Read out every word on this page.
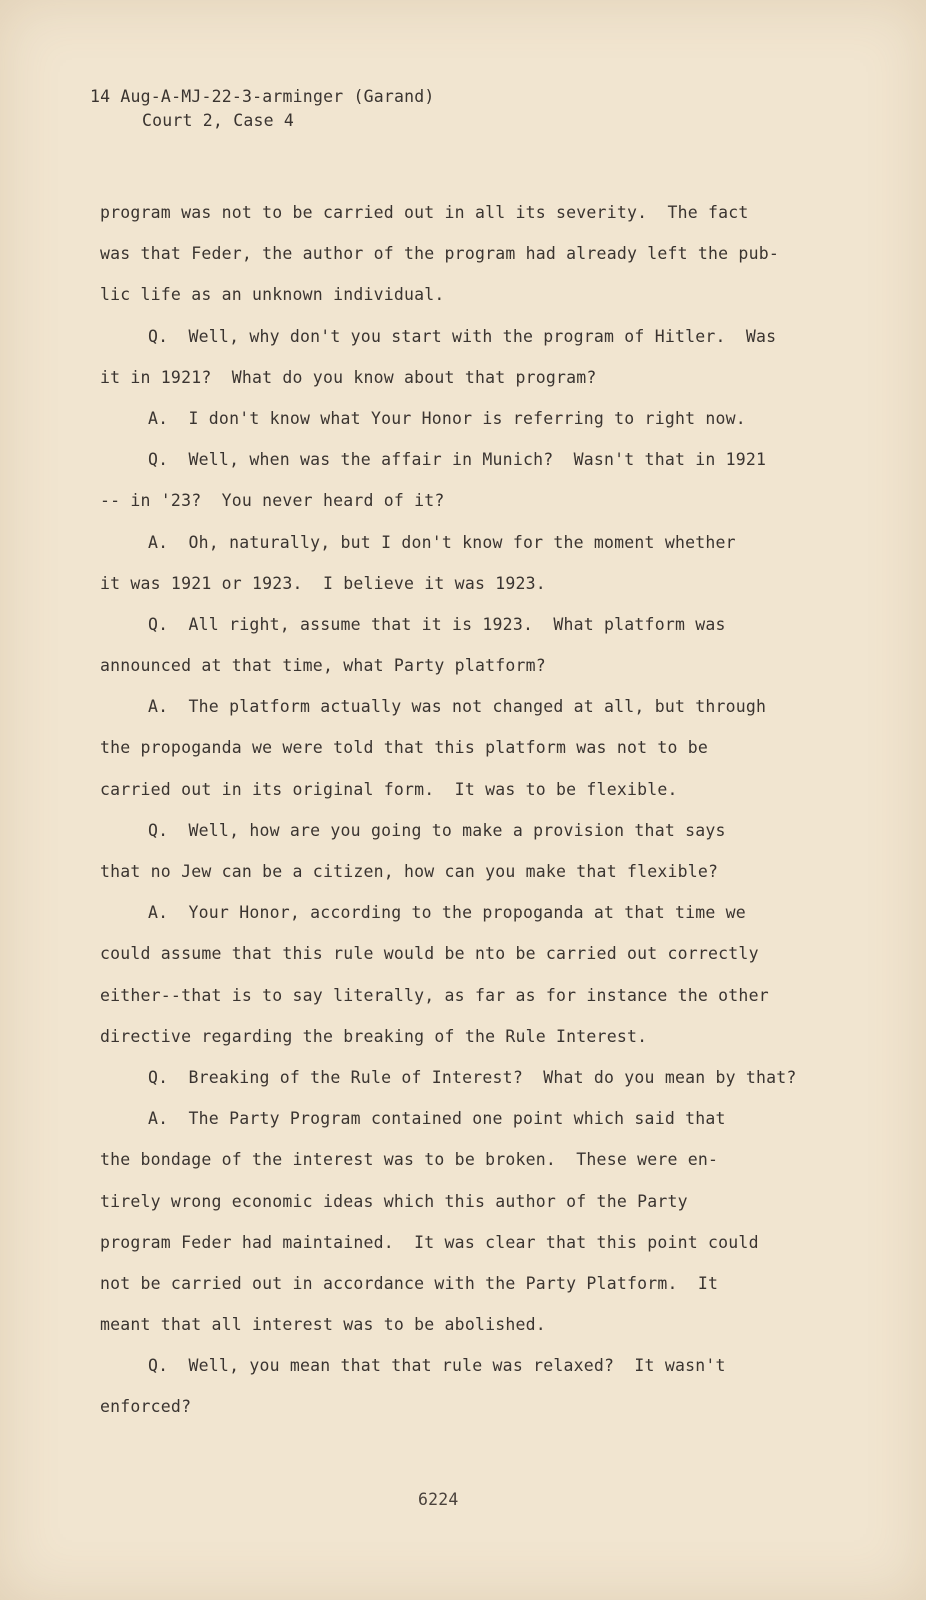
14 Aug-A-MJ-22-3-arminger (Garand)
Court 2, Case 4
program was not to be carried out in all its severity.  The fact
was that Feder, the author of the program had already left the pub-
lic life as an unknown individual.
Q.  Well, why don't you start with the program of Hitler.  Was
it in 1921?  What do you know about that program?
A.  I don't know what Your Honor is referring to right now.
Q.  Well, when was the affair in Munich?  Wasn't that in 1921
-- in '23?  You never heard of it?
A.  Oh, naturally, but I don't know for the moment whether
it was 1921 or 1923.  I believe it was 1923.
Q.  All right, assume that it is 1923.  What platform was
announced at that time, what Party platform?
A.  The platform actually was not changed at all, but through
the propoganda we were told that this platform was not to be
carried out in its original form.  It was to be flexible.
Q.  Well, how are you going to make a provision that says
that no Jew can be a citizen, how can you make that flexible?
A.  Your Honor, according to the propoganda at that time we
could assume that this rule would be nto be carried out correctly
either--that is to say literally, as far as for instance the other
directive regarding the breaking of the Rule Interest.
Q.  Breaking of the Rule of Interest?  What do you mean by that?
A.  The Party Program contained one point which said that
the bondage of the interest was to be broken.  These were en-
tirely wrong economic ideas which this author of the Party
program Feder had maintained.  It was clear that this point could
not be carried out in accordance with the Party Platform.  It
meant that all interest was to be abolished.
Q.  Well, you mean that that rule was relaxed?  It wasn't
enforced?
6224
